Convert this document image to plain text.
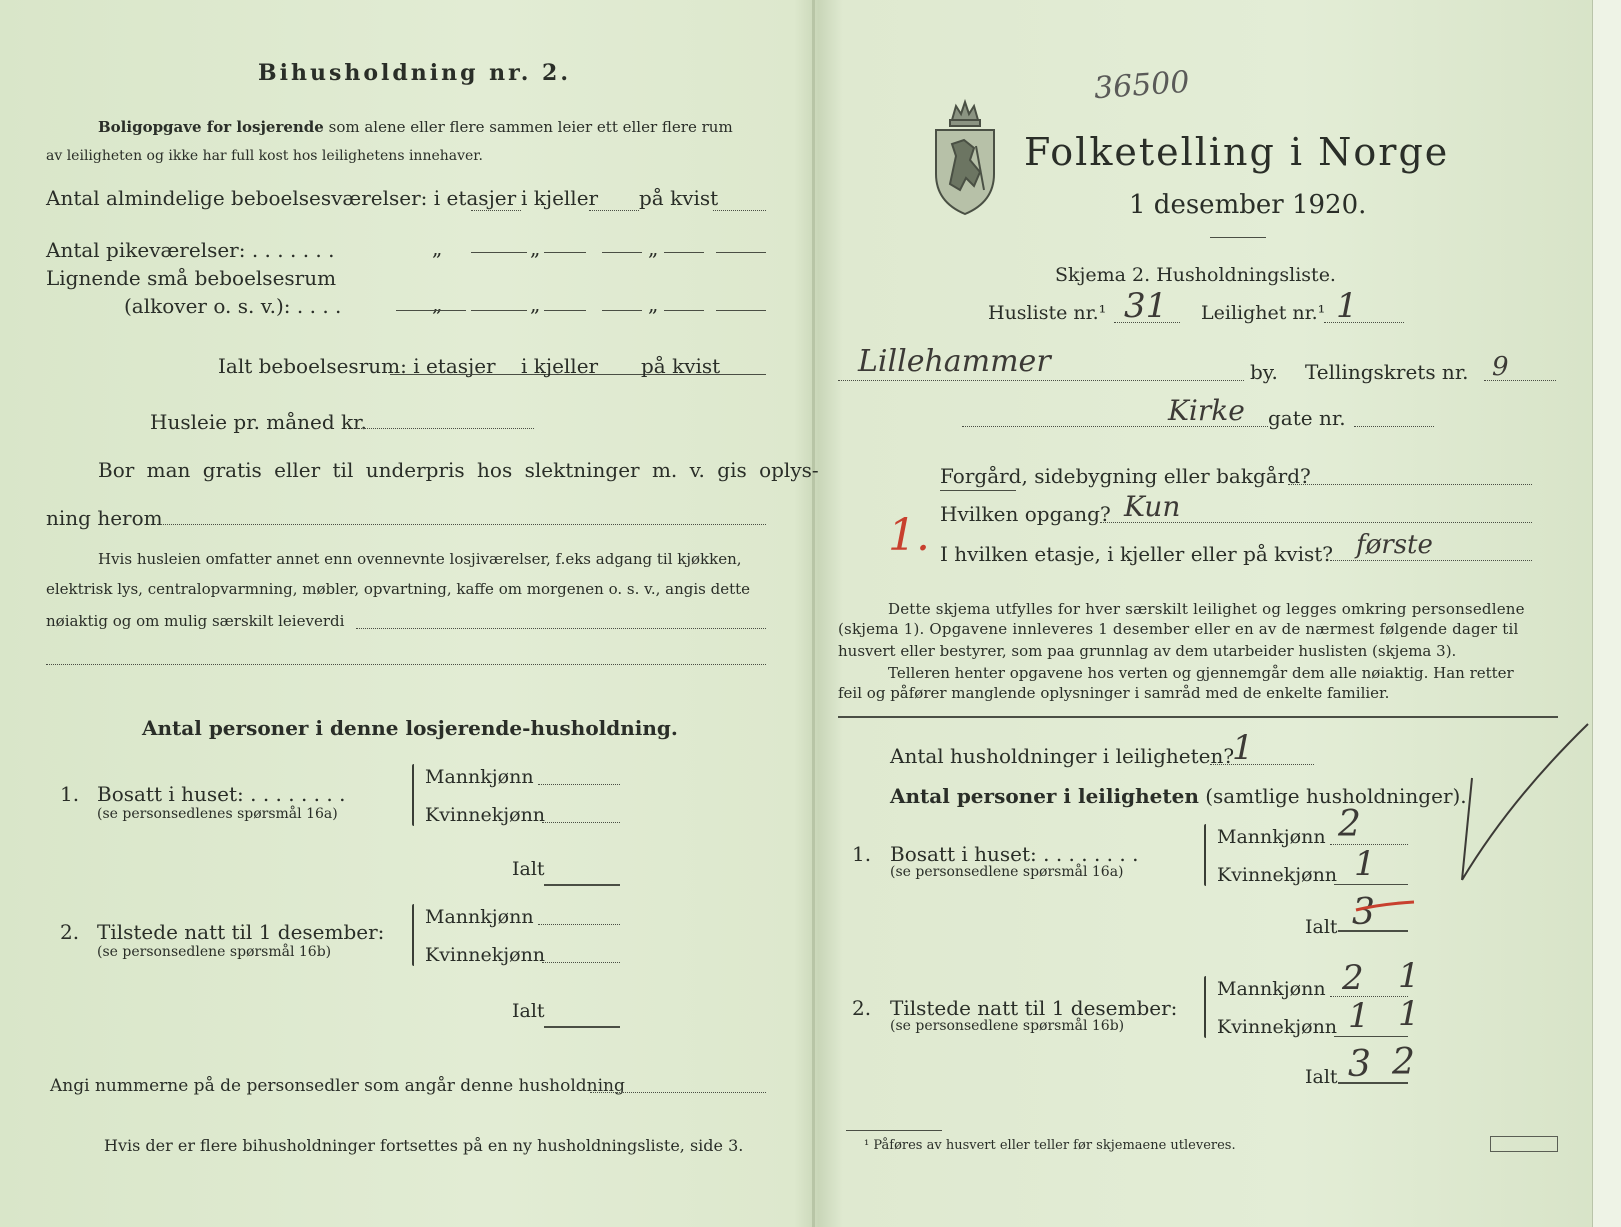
Bihusholdning nr. 2.
Boligopgave for losjerende som alene eller flere sammen leier ett eller flere rum
av leiligheten og ikke har full kost hos leilighetens innehaver.
Antal almindelige beboelsesværelser: i etasjer i kjeller på kvist
Antal pikeværelser: . . . . . . .	„	„	„
Lignende små beboelsesrum
(alkover o. s. v.): . . . .	„	„	„
Ialt beboelsesrum: i etasjer i kjeller på kvist
Husleie pr. måned kr.
Bor man gratis eller til underpris hos slektninger m. v. gis oplys-
ning herom
Hvis husleien omfatter annet enn ovennevnte losjiværelser, f.eks adgang til kjøkken,
elektrisk lys, centralopvarmning, møbler, opvartning, kaffe om morgenen o. s. v., angis dette
nøiaktig og om mulig særskilt leieverdi
Antal personer i denne losjerende-husholdning.
1. Bosatt i huset: . . . . . . . .
(se personsedlenes spørsmål 16a)
Mannkjønn
Kvinnekjønn
Ialt
2. Tilstede natt til 1 desember:
(se personsedlene spørsmål 16b)
Mannkjønn
Kvinnekjønn
Ialt
Angi nummerne på de personsedler som angår denne husholdning
Hvis der er flere bihusholdninger fortsettes på en ny husholdningsliste, side 3.
36500
Folketelling i Norge
1 desember 1920.
Skjema 2. Husholdningsliste.
Husliste nr.¹ 31 Leilighet nr.¹ 1
Lillehammer	by. Tellingskrets nr. 9
Kirke gate nr.
Forgård, sidebygning eller bakgård?
Hvilken opgang? Kun
1. I hvilken etasje, i kjeller eller på kvist? første
Dette skjema utfylles for hver særskilt leilighet og legges omkring personsedlene
(skjema 1). Opgavene innleveres 1 desember eller en av de nærmest følgende dager til
husvert eller bestyrer, som paa grunnlag av dem utarbeider huslisten (skjema 3).
Telleren henter opgavene hos verten og gjennemgår dem alle nøiaktig. Han retter
feil og påfører manglende oplysninger i samråd med de enkelte familier.
Antal husholdninger i leiligheten?
1
Antal personer i leiligheten (samtlige husholdninger).
1. Bosatt i huset: . . . . . . . .
(se personsedlene spørsmål 16a)
Mannkjønn 2
Kvinnekjønn 1
Ialt 3
2. Tilstede natt til 1 desember:
(se personsedlene spørsmål 16b)
Mannkjønn 2 1
Kvinnekjønn 1 1
Ialt 3 2
¹ Påføres av husvert eller teller før skjemaene utleveres.
